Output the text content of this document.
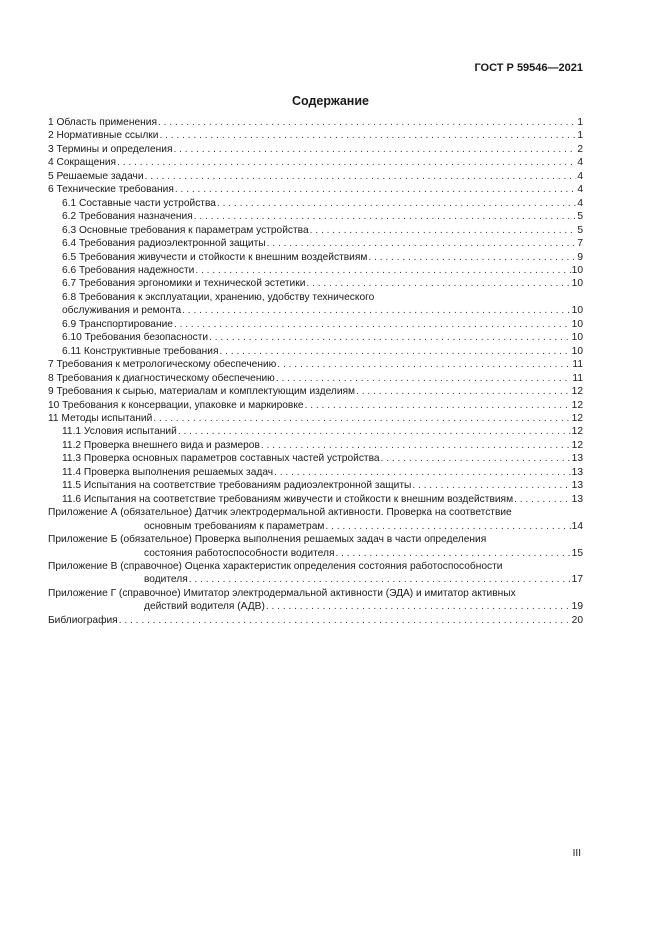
ГОСТ Р 59546—2021
Содержание
1 Область применения . . .	1
2 Нормативные ссылки . . .	1
3 Термины и определения . . .	2
4 Сокращения . . .	4
5 Решаемые задачи . . .	4
6 Технические требования . . .	4
6.1 Составные части устройства . . .	4
6.2 Требования назначения . . .	5
6.3 Основные требования к параметрам устройства . . .	5
6.4 Требования радиоэлектронной защиты . . .	7
6.5 Требования живучести и стойкости к внешним воздействиям . . .	9
6.6 Требования надежности . . .	10
6.7 Требования эргономики и технической эстетики . . .	10
6.8 Требования к эксплуатации, хранению, удобству технического
обслуживания и ремонта . . .	10
6.9 Транспортирование . . .	10
6.10 Требования безопасности . . .	10
6.11 Конструктивные требования . . .	10
7 Требования к метрологическому обеспечению . . .	11
8 Требования к диагностическому обеспечению . . .	11
9 Требования к сырью, материалам и комплектующим изделиям . . .	12
10 Требования к консервации, упаковке и маркировке . . .	12
11 Методы испытаний . . .	12
11.1 Условия испытаний . . .	12
11.2 Проверка внешнего вида и размеров . . .	12
11.3 Проверка основных параметров составных частей устройства . . .	13
11.4 Проверка выполнения решаемых задач . . .	13
11.5 Испытания на соответствие требованиям радиоэлектронной защиты . . .	13
11.6 Испытания на соответствие требованиям живучести и стойкости к внешним воздействиям . . .	13
Приложение А (обязательное) Датчик электродермальной активности. Проверка на соответствие
основным требованиям к параметрам . . .	14
Приложение Б (обязательное) Проверка выполнения решаемых задач в части определения
состояния работоспособности водителя . . .	15
Приложение В (справочное) Оценка характеристик определения состояния работоспособности
водителя . . .	17
Приложение Г (справочное) Имитатор электродермальной активности (ЭДА) и имитатор активных
действий водителя (АДВ) . . .	19
Библиография . . .	20
III
